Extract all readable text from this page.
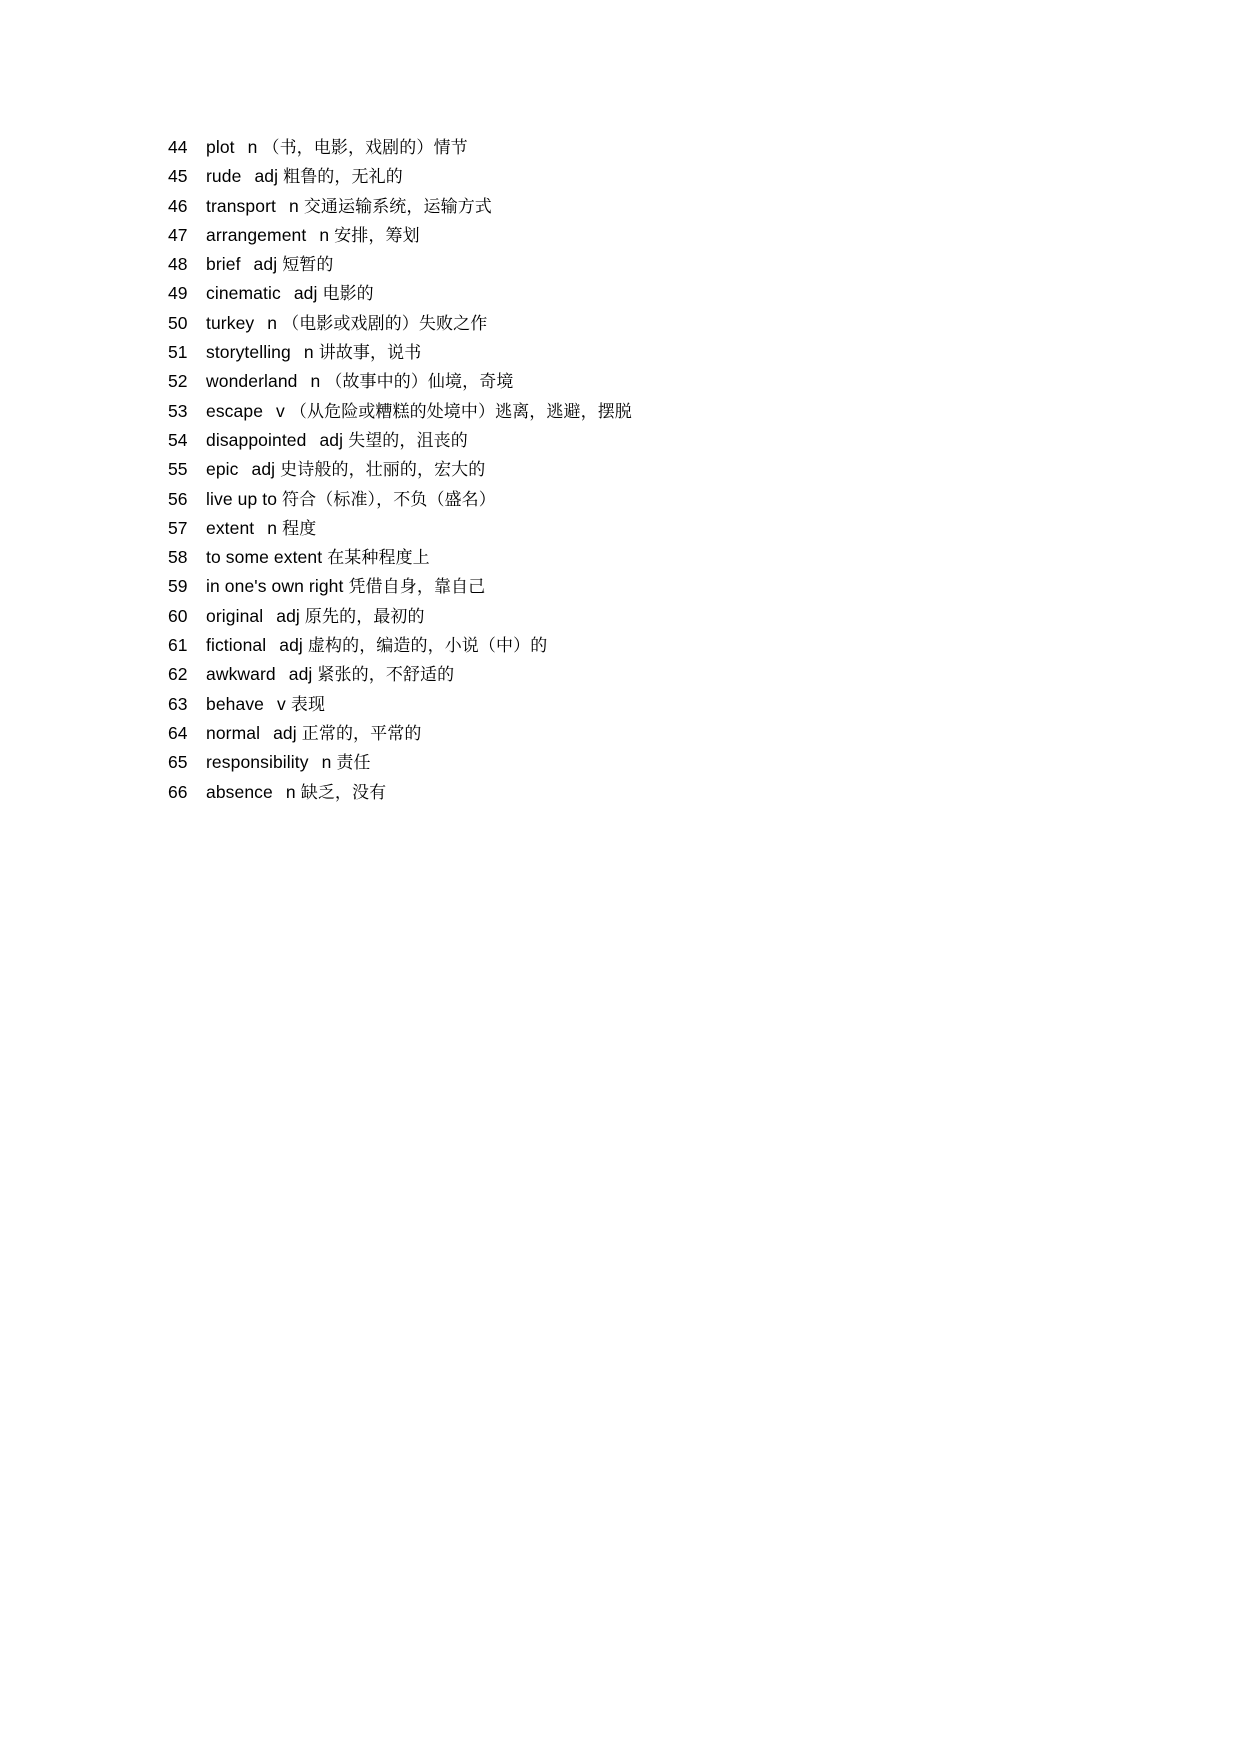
44	plot n （书，电影，戏剧的）情节
45	rude adj 粗鲁的，无礼的
46	transport n 交通运输系统，运输方式
47	arrangement n 安排，筹划
48	brief adj 短暂的
49	cinematic adj 电影的
50	turkey n （电影或戏剧的）失败之作
51	storytelling n 讲故事，说书
52	wonderland n （故事中的）仙境，奇境
53	escape v （从危险或糟糕的处境中）逃离，逃避，摆脱
54	disappointed adj 失望的，沮丧的
55	epic adj 史诗般的，壮丽的，宏大的
56	live up to 符合（标准），不负（盛名）
57	extent n 程度
58	to some extent 在某种程度上
59	in one's own right 凭借自身，靠自己
60	original adj 原先的，最初的
61	fictional adj 虚构的，编造的，小说（中）的
62	awkward adj 紧张的，不舒适的
63	behave v 表现
64	normal adj 正常的，平常的
65	responsibility n 责任
66	absence n 缺乏，没有
